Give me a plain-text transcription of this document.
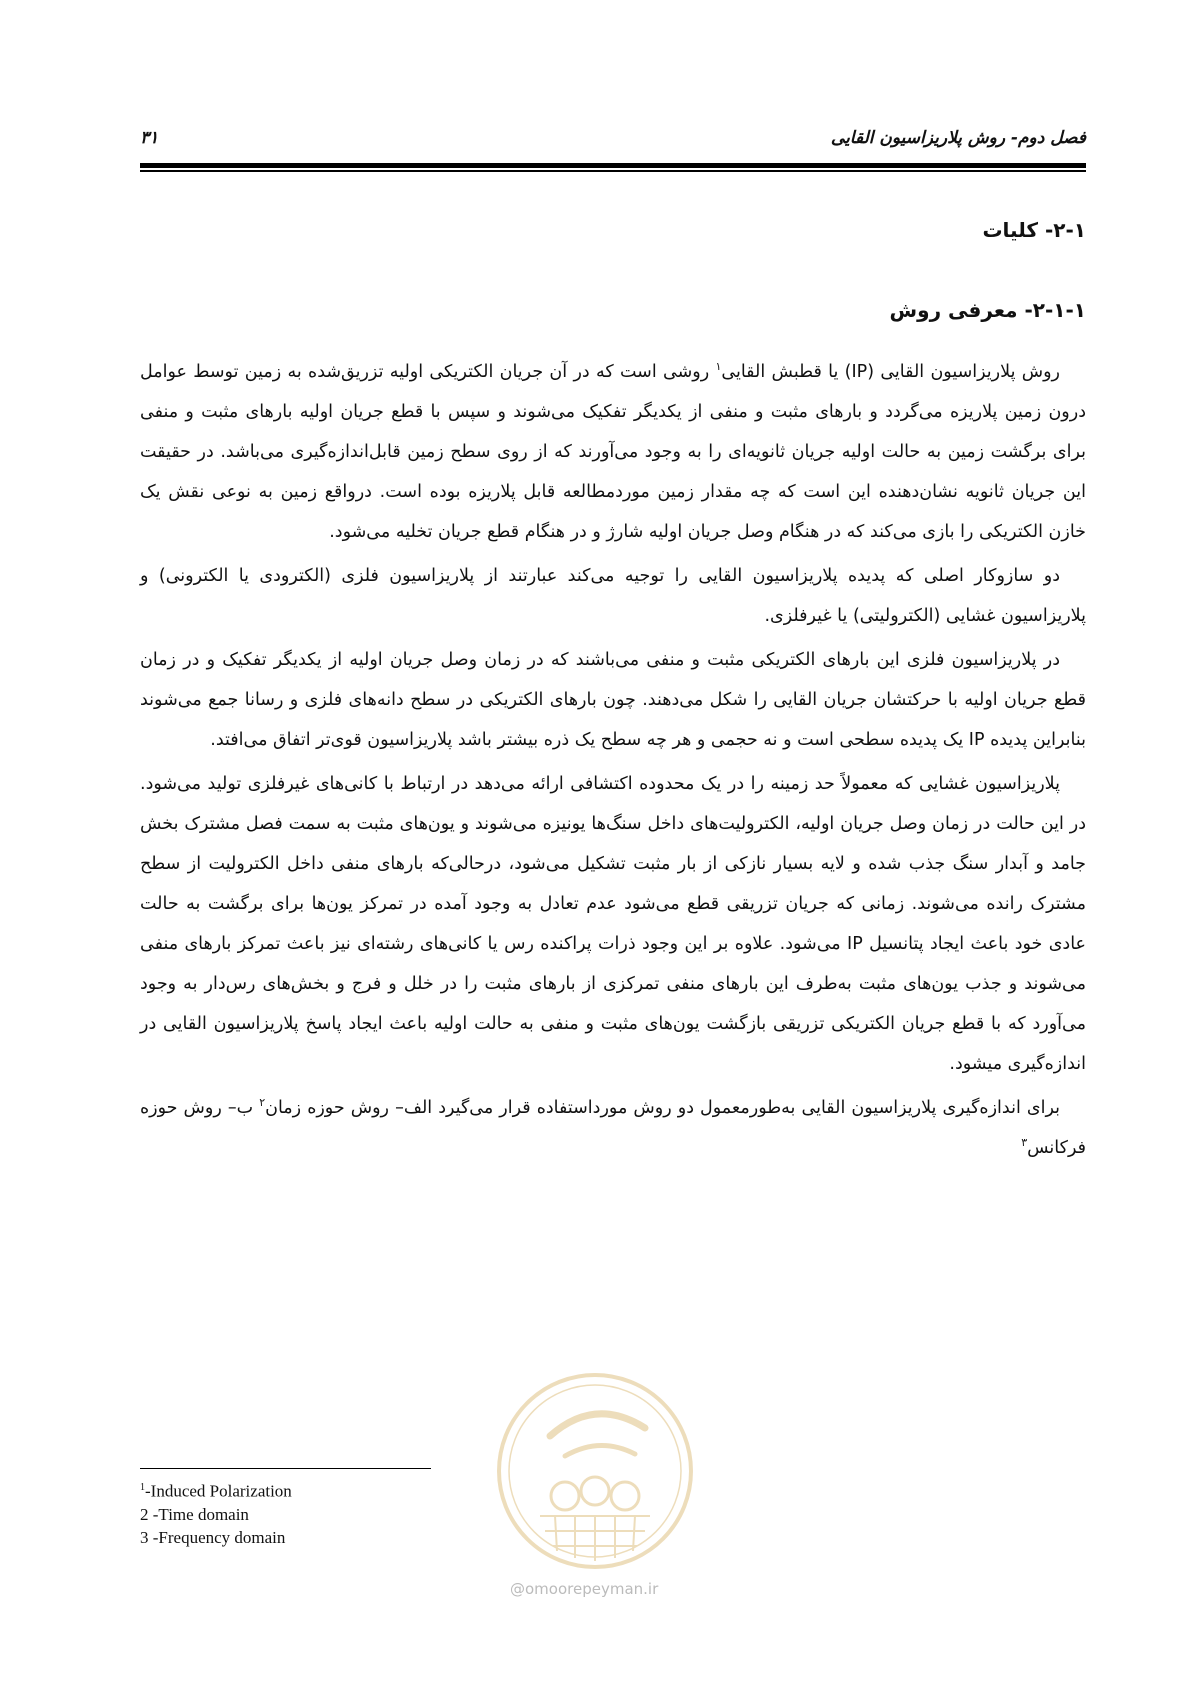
فصل دوم- روش پلاریزاسیون القایی
۳۱
۲-۱- کلیات
۲-۱-۱- معرفی روش

روش پلاریزاسیون القایی (IP) یا قطبش القایی$^۱$ روشی است که در آن جریان الکتریکی اولیه تزریق‌شده به زمین توسط عوامل درون زمین پلاریزه می‌گردد و بارهای مثبت و منفی از یکدیگر تفکیک می‌شوند و سپس با قطع جریان اولیه بارهای مثبت و منفی برای برگشت زمین به حالت اولیه جریان ثانویه‌ای را به وجود می‌آورند که از روی سطح زمین قابل‌اندازه‌گیری می‌باشد. در حقیقت این جریان ثانویه نشان‌دهنده این است که چه مقدار زمین موردمطالعه قابل پلاریزه بوده است. درواقع زمین به نوعی نقش یک خازن الکتریکی را بازی می‌کند که در هنگام وصل جریان اولیه شارژ و در هنگام قطع جریان تخلیه می‌شود.

دو سازوکار اصلی که پدیده پلاریزاسیون القایی را توجیه می‌کند عبارتند از پلاریزاسیون فلزی (الکترودی یا الکترونی) و پلاریزاسیون غشایی (الکترولیتی) یا غیرفلزی.

در پلاریزاسیون فلزی این بارهای الکتریکی مثبت و منفی می‌باشند که در زمان وصل جریان اولیه از یکدیگر تفکیک و در زمان قطع جریان اولیه با حرکتشان جریان القایی را شکل می‌دهند. چون بارهای الکتریکی در سطح دانه‌های فلزی و رسانا جمع می‌شوند بنابراین پدیده IP یک پدیده سطحی است و نه حجمی و هر چه سطح یک ذره بیشتر باشد پلاریزاسیون قوی‌تر اتفاق می‌افتد.

پلاریزاسیون غشایی که معمولاً حد زمینه را در یک محدوده اکتشافی ارائه می‌دهد در ارتباط با کانی‌های غیرفلزی تولید می‌شود. در این حالت در زمان وصل جریان اولیه، الکترولیت‌های داخل سنگ‌ها یونیزه می‌شوند و یون‌های مثبت به سمت فصل مشترک بخش جامد و آبدار سنگ جذب شده و لایه بسیار نازکی از بار مثبت تشکیل می‌شود، درحالی‌که بارهای منفی داخل الکترولیت از سطح مشترک رانده می‌شوند. زمانی که جریان تزریقی قطع می‌شود عدم تعادل به وجود آمده در تمرکز یون‌ها برای برگشت به حالت عادی خود باعث ایجاد پتانسیل IP می‌شود. علاوه بر این وجود ذرات پراکنده رس یا کانی‌های رشته‌ای نیز باعث تمرکز بارهای منفی می‌شوند و جذب یون‌های مثبت به‌طرف این بارهای منفی تمرکزی از بارهای مثبت را در خلل و فرج و بخش‌های رس‌دار به وجود می‌آورد که با قطع جریان الکتریکی تزریقی بازگشت یون‌های مثبت و منفی به حالت اولیه باعث ایجاد پاسخ پلاریزاسیون القایی در اندازه‌گیری میشود.

برای اندازه‌گیری پلاریزاسیون القایی به‌طورمعمول دو روش مورداستفاده قرار می‌گیرد الف– روش حوزه زمان$^۲$ ب– روش حوزه فرکانس$^۳$

@omoorepeyman.ir
$^1$-Induced Polarization
2 -Time domain
3 -Frequency domain
